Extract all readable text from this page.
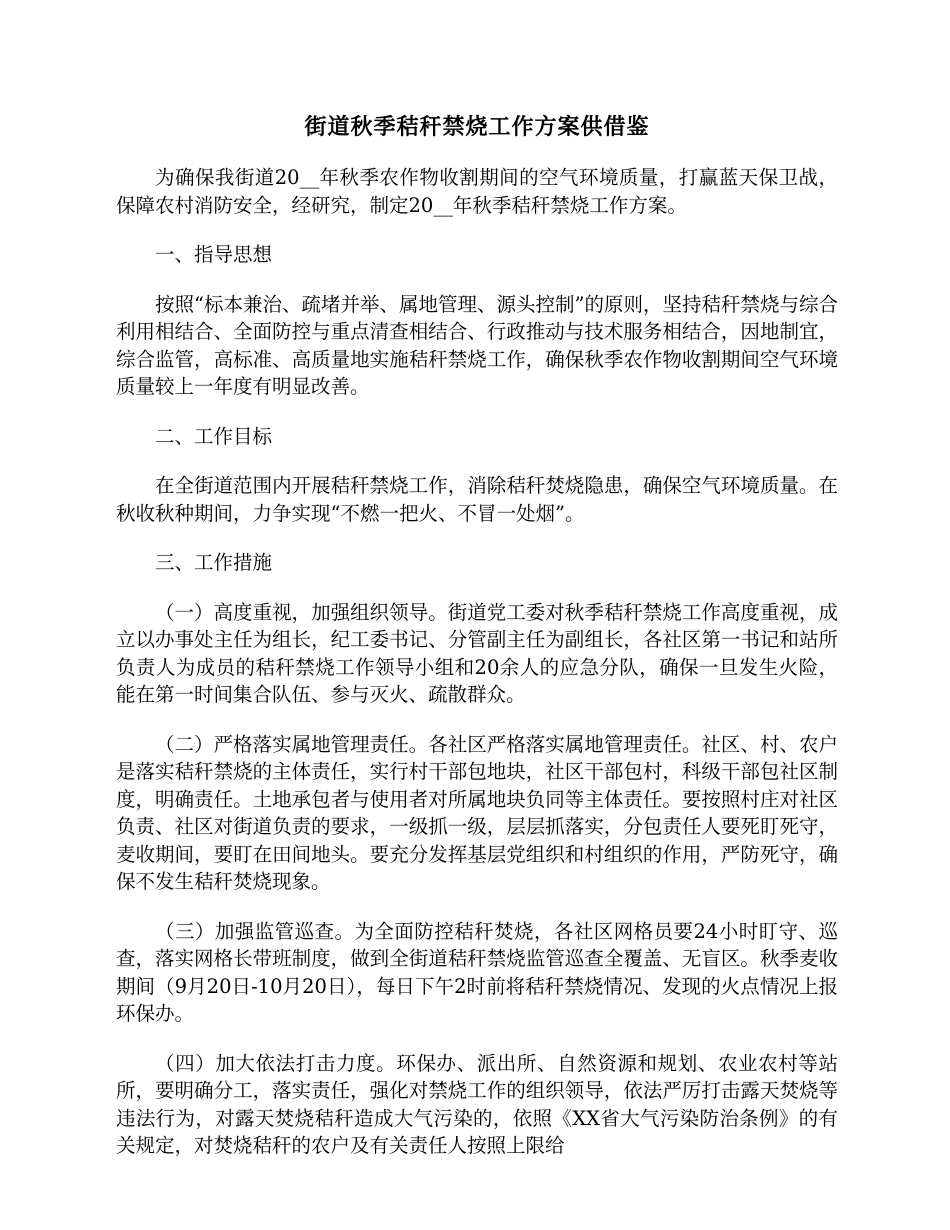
街道秋季秸秆禁烧工作方案供借鉴

为确保我街道20__年秋季农作物收割期间的空气环境质量，打赢蓝天保卫战，保障农村消防安全，经研究，制定20__年秋季秸秆禁烧工作方案。

一、指导思想

按照“标本兼治、疏堵并举、属地管理、源头控制”的原则，坚持秸秆禁烧与综合利用相结合、全面防控与重点清查相结合、行政推动与技术服务相结合，因地制宜，综合监管，高标准、高质量地实施秸秆禁烧工作，确保秋季农作物收割期间空气环境质量较上一年度有明显改善。

二、工作目标

在全街道范围内开展秸秆禁烧工作，消除秸秆焚烧隐患，确保空气环境质量。在秋收秋种期间，力争实现“不燃一把火、不冒一处烟”。

三、工作措施

（一）高度重视，加强组织领导。街道党工委对秋季秸秆禁烧工作高度重视，成立以办事处主任为组长，纪工委书记、分管副主任为副组长，各社区第一书记和站所负责人为成员的秸秆禁烧工作领导小组和20余人的应急分队，确保一旦发生火险，能在第一时间集合队伍、参与灭火、疏散群众。

（二）严格落实属地管理责任。各社区严格落实属地管理责任。社区、村、农户是落实秸秆禁烧的主体责任，实行村干部包地块，社区干部包村，科级干部包社区制度，明确责任。土地承包者与使用者对所属地块负同等主体责任。要按照村庄对社区负责、社区对街道负责的要求，一级抓一级，层层抓落实，分包责任人要死盯死守，麦收期间，要盯在田间地头。要充分发挥基层党组织和村组织的作用，严防死守，确保不发生秸秆焚烧现象。

（三）加强监管巡查。为全面防控秸秆焚烧，各社区网格员要24小时盯守、巡查，落实网格长带班制度，做到全街道秸秆禁烧监管巡查全覆盖、无盲区。秋季麦收期间（9月20日-10月20日），每日下午2时前将秸秆禁烧情况、发现的火点情况上报环保办。

（四）加大依法打击力度。环保办、派出所、自然资源和规划、农业农村等站所，要明确分工，落实责任，强化对禁烧工作的组织领导，依法严厉打击露天焚烧等违法行为，对露天焚烧秸秆造成大气污染的，依照《XX省大气污染防治条例》的有关规定，对焚烧秸秆的农户及有关责任人按照上限给
